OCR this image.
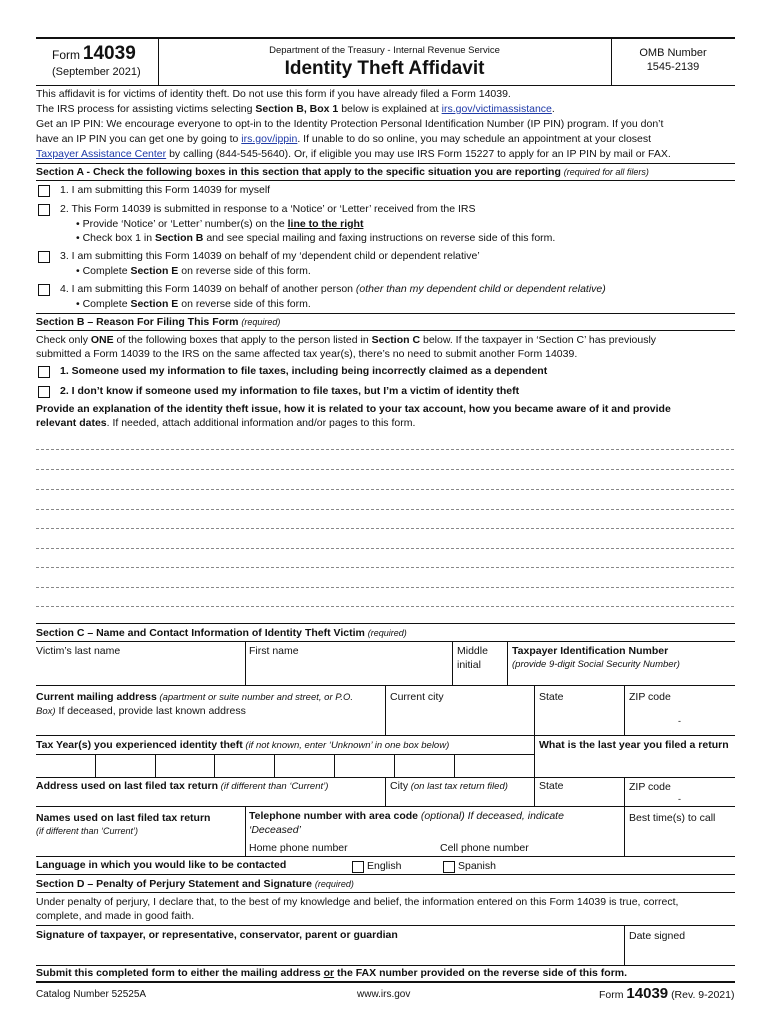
Form 14039
(September 2021)
Department of the Treasury - Internal Revenue Service
Identity Theft Affidavit
OMB Number
1545-2139
This affidavit is for victims of identity theft. Do not use this form if you have already filed a Form 14039.
The IRS process for assisting victims selecting Section B, Box 1 below is explained at irs.gov/victimassistance.
Get an IP PIN: We encourage everyone to opt-in to the Identity Protection Personal Identification Number (IP PIN) program. If you don’t
have an IP PIN you can get one by going to irs.gov/ippin. If unable to do so online, you may schedule an appointment at your closest
Taxpayer Assistance Center by calling (844-545-5640). Or, if eligible you may use IRS Form 15227 to apply for an IP PIN by mail or FAX.
Section A - Check the following boxes in this section that apply to the specific situation you are reporting (required for all filers)
1. I am submitting this Form 14039 for myself
2. This Form 14039 is submitted in response to a ‘Notice’ or ‘Letter’ received from the IRS
• Provide ‘Notice’ or ‘Letter’ number(s) on the line to the right
• Check box 1 in Section B and see special mailing and faxing instructions on reverse side of this form.
3. I am submitting this Form 14039 on behalf of my ‘dependent child or dependent relative’
• Complete Section E on reverse side of this form.
4. I am submitting this Form 14039 on behalf of another person (other than my dependent child or dependent relative)
• Complete Section E on reverse side of this form.
Section B – Reason For Filing This Form (required)
Check only ONE of the following boxes that apply to the person listed in Section C below. If the taxpayer in ‘Section C’ has previously
submitted a Form 14039 to the IRS on the same affected tax year(s), there’s no need to submit another Form 14039.
1. Someone used my information to file taxes, including being incorrectly claimed as a dependent
2. I don’t know if someone used my information to file taxes, but I’m a victim of identity theft
Provide an explanation of the identity theft issue, how it is related to your tax account, how you became aware of it and provide
relevant dates. If needed, attach additional information and/or pages to this form.
Section C – Name and Contact Information of Identity Theft Victim (required)
Victim’s last name	First name	Middle
initial
Taxpayer Identification Number
(provide 9-digit Social Security Number)
Current mailing address (apartment or suite number and street, or P.O.
Box) If deceased, provide last known address
Current city	State	ZIP code
-
Tax Year(s) you experienced identity theft (if not known, enter ‘Unknown’ in one box below)	What is the last year you filed a return
Address used on last filed tax return (if different than ‘Current’)	City (on last tax return filed)	State	ZIP code
-
Names used on last filed tax return
(if different than ‘Current’)
Telephone number with area code (optional) If deceased, indicate
‘Deceased’
Home phone number	Cell phone number
Best time(s) to call
Language in which you would like to be contacted	English	Spanish
Section D – Penalty of Perjury Statement and Signature (required)
Under penalty of perjury, I declare that, to the best of my knowledge and belief, the information entered on this Form 14039 is true, correct,
complete, and made in good faith.
Signature of taxpayer, or representative, conservator, parent or guardian	Date signed
Submit this completed form to either the mailing address or the FAX number provided on the reverse side of this form.
Catalog Number 52525A	www.irs.gov	Form 14039 (Rev. 9-2021)
